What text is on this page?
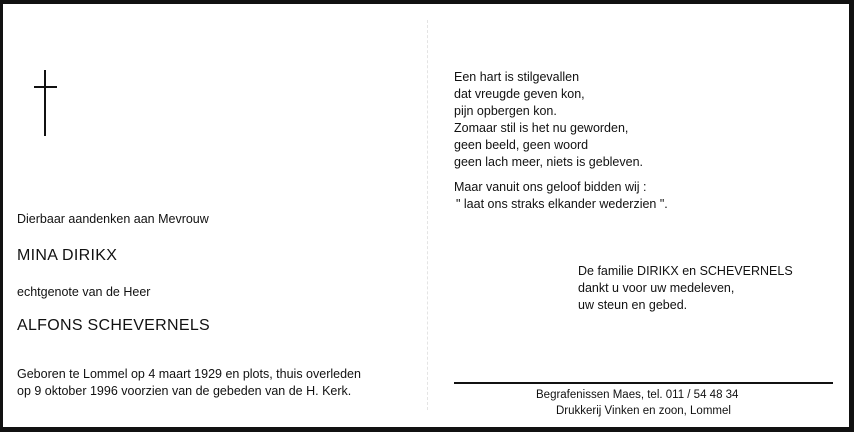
Dierbaar aandenken aan Mevrouw
MINA DIRIKX
echtgenote van de Heer
ALFONS SCHEVERNELS
Geboren te Lommel op 4 maart 1929 en plots, thuis overleden
op 9 oktober 1996 voorzien van de gebeden van de H. Kerk.
Een hart is stilgevallen
dat vreugde geven kon,
pijn opbergen kon.
Zomaar stil is het nu geworden,
geen beeld, geen woord
geen lach meer, niets is gebleven.
Maar vanuit ons geloof bidden wij :
" laat ons straks elkander wederzien ".
De familie DIRIKX en SCHEVERNELS
dankt u voor uw medeleven,
uw steun en gebed.
Begrafenissen Maes, tel. 011 / 54 48 34
Drukkerij Vinken en zoon, Lommel
